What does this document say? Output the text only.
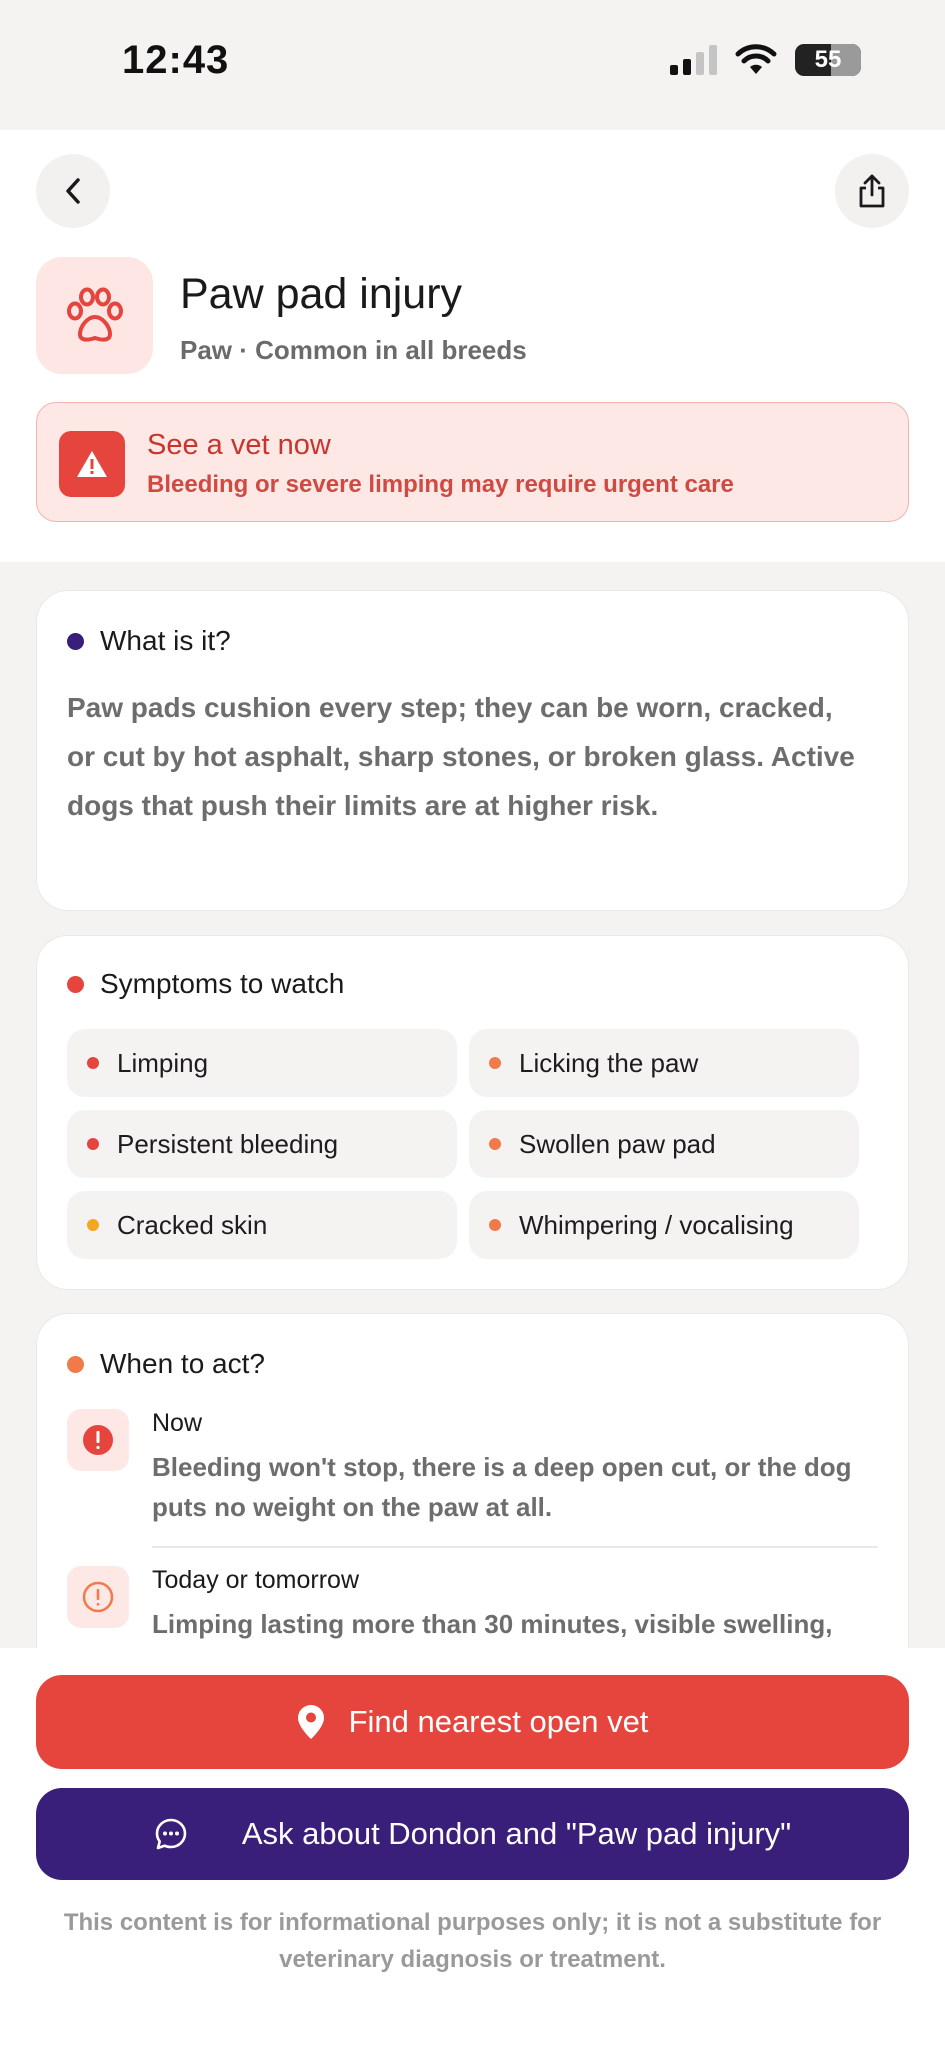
12:43	55
Paw pad injury
Paw · Common in all breeds
See a vet now
Bleeding or severe limping may require urgent care
What is it?
Paw pads cushion every step; they can be worn, cracked, or cut by hot asphalt, sharp stones, or broken glass. Active dogs that push their limits are at higher risk.
Symptoms to watch
Limping	Licking the paw
Persistent bleeding	Swollen paw pad
Cracked skin	Whimpering / vocalising
When to act?
Now
Bleeding won't stop, there is a deep open cut, or the dog puts no weight on the paw at all.
Today or tomorrow
Limping lasting more than 30 minutes, visible swelling,
Find nearest open vet
Ask about Dondon and "Paw pad injury"
This content is for informational purposes only; it is not a substitute for veterinary diagnosis or treatment.
